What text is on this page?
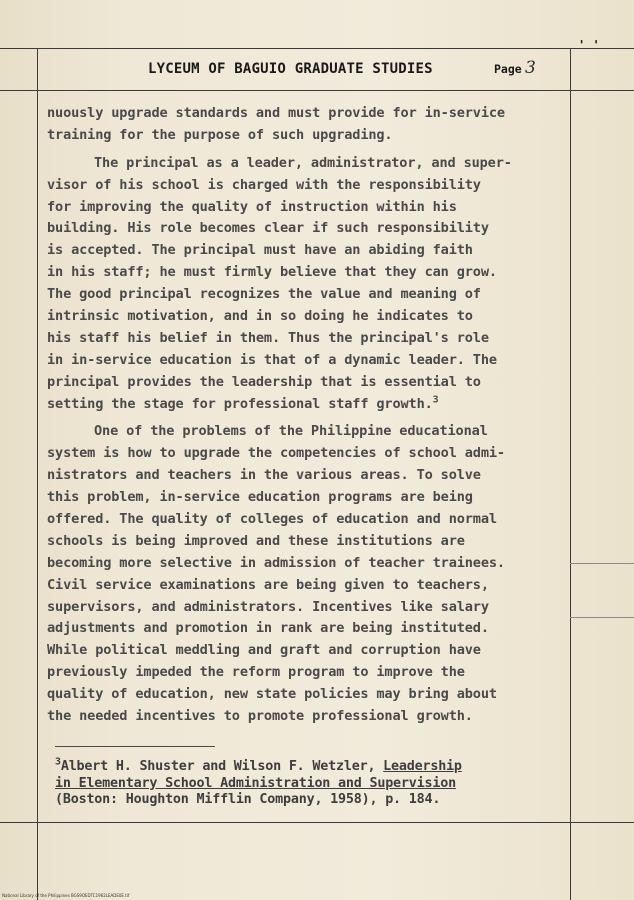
' '
LYCEUM OF BAGUIO GRADUATE STUDIES	Page 3
nuously upgrade standards and must provide for in-service
training for the purpose of such upgrading.
The principal as a leader, administrator, and super-
visor of his school is charged with the responsibility
for improving the quality of instruction within his
building. His role becomes clear if such responsibility
is accepted. The principal must have an abiding faith
in his staff; he must firmly believe that they can grow.
The good principal recognizes the value and meaning of
intrinsic motivation, and in so doing he indicates to
his staff his belief in them. Thus the principal's role
in in-service education is that of a dynamic leader. The
principal provides the leadership that is essential to
setting the stage for professional staff growth.$^3$
One of the problems of the Philippine educational
system is how to upgrade the competencies of school admi-
nistrators and teachers in the various areas. To solve
this problem, in-service education programs are being
offered. The quality of colleges of education and normal
schools is being improved and these institutions are
becoming more selective in admission of teacher trainees.
Civil service examinations are being given to teachers,
supervisors, and administrators. Incentives like salary
adjustments and promotion in rank are being instituted.
While political meddling and graft and corruption have
previously impeded the reform program to improve the
quality of education, new state policies may bring about
the needed incentives to promote professional growth.
$^3$Albert H. Shuster and Wilson F. Wetzler, Leadership
in Elementary School Administration and Supervision
(Boston: Houghton Mifflin Company, 1958), p. 184.
National Library of the Philippines BGS9OEDTC1962LEADE0E.tif
